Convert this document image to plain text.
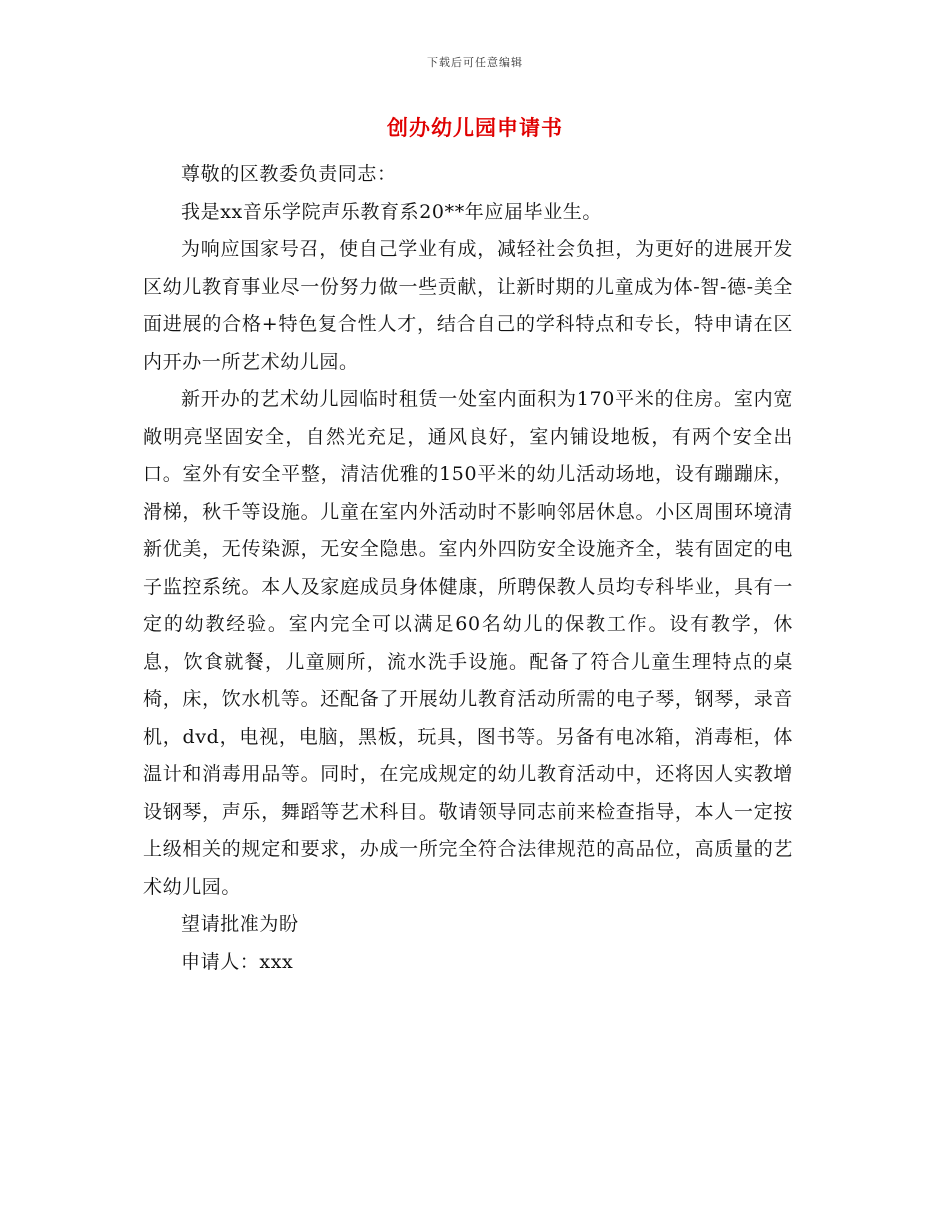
下载后可任意编辑
创办幼儿园申请书

尊敬的区教委负责同志：

我是xx音乐学院声乐教育系20**年应届毕业生。

为响应国家号召，使自己学业有成，减轻社会负担，为更好的进展开发区幼儿教育事业尽一份努力做一些贡献，让新时期的儿童成为体-智-德-美全面进展的合格+特色复合性人才，结合自己的学科特点和专长，特申请在区内开办一所艺术幼儿园。

新开办的艺术幼儿园临时租赁一处室内面积为170平米的住房。室内宽敞明亮坚固安全，自然光充足，通风良好，室内铺设地板，有两个安全出口。室外有安全平整，清洁优雅的150平米的幼儿活动场地，设有蹦蹦床，滑梯，秋千等设施。儿童在室内外活动时不影响邻居休息。小区周围环境清新优美，无传染源，无安全隐患。室内外四防安全设施齐全，装有固定的电子监控系统。本人及家庭成员身体健康，所聘保教人员均专科毕业，具有一定的幼教经验。室内完全可以满足60名幼儿的保教工作。设有教学，休息，饮食就餐，儿童厕所，流水洗手设施。配备了符合儿童生理特点的桌椅，床，饮水机等。还配备了开展幼儿教育活动所需的电子琴，钢琴，录音机，dvd，电视，电脑，黑板，玩具，图书等。另备有电冰箱，消毒柜，体温计和消毒用品等。同时，在完成规定的幼儿教育活动中，还将因人实教增设钢琴，声乐，舞蹈等艺术科目。敬请领导同志前来检查指导，本人一定按上级相关的规定和要求，办成一所完全符合法律规范的高品位，高质量的艺术幼儿园。

望请批准为盼

申请人：xxx
